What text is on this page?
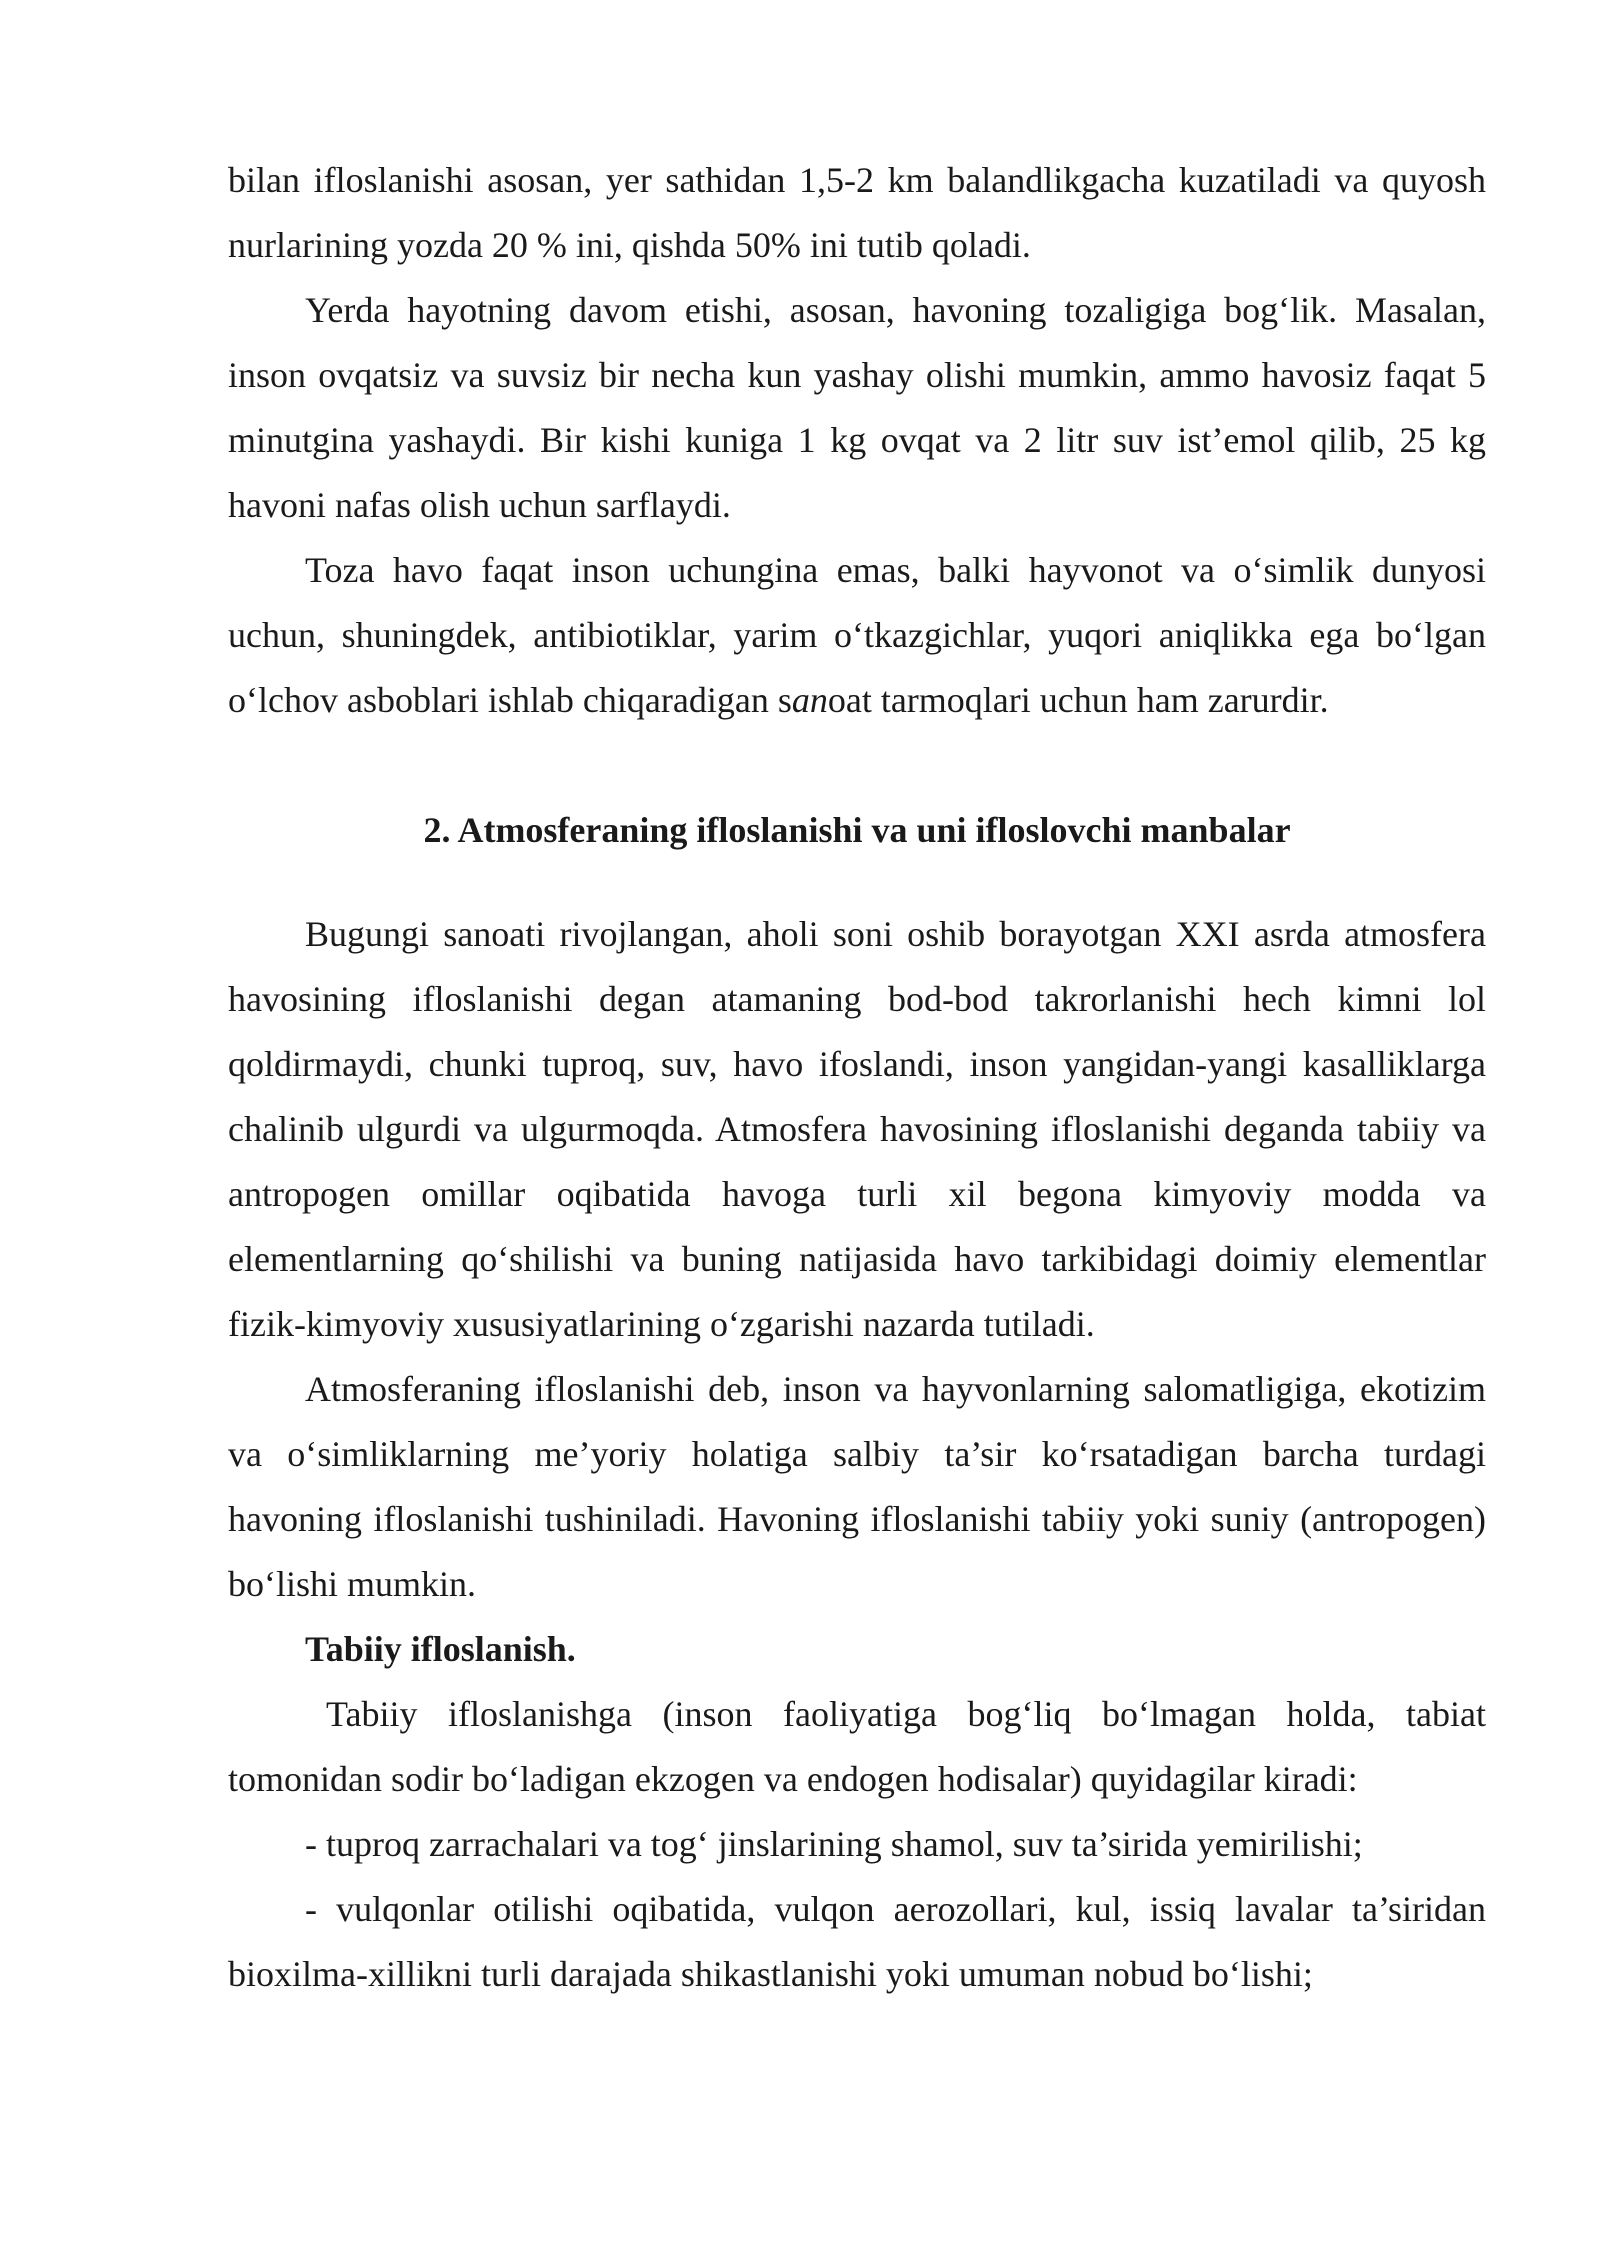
bilan ifloslanishi asosan, yer sathidan 1,5-2 km balandlikgacha kuzatiladi va quyosh nurlarining yozda 20 % ini, qishda 50% ini tutib qoladi.

Yerda hayotning davom etishi, asosan, havoning tozaligiga bog‘lik. Masalan, inson ovqatsiz va suvsiz bir necha kun yashay olishi mumkin, ammo havosiz faqat 5 minutgina yashaydi. Bir kishi kuniga 1 kg ovqat va 2 litr suv ist’emol qilib, 25 kg havoni nafas olish uchun sarflaydi.

Toza havo faqat inson uchungina emas, balki hayvonot va o‘simlik dunyosi uchun, shuningdek, antibiotiklar, yarim o‘tkazgichlar, yuqori aniqlikka ega bo‘lgan o‘lchov asboblari ishlab chiqaradigan sanoat tarmoqlari uchun ham zarurdir.

2. Atmosferaning ifloslanishi va uni ifloslovchi manbalar

Bugungi sanoati rivojlangan, aholi soni oshib borayotgan XXI asrda atmosfera havosining ifloslanishi degan atamaning bod-bod takrorlanishi hech kimni lol qoldirmaydi, chunki tuproq, suv, havo ifoslandi, inson yangidan-yangi kasalliklarga chalinib ulgurdi va ulgurmoqda. Atmosfera havosining ifloslanishi deganda tabiiy va antropogen omillar oqibatida havoga turli xil begona kimyoviy modda va elementlarning qo‘shilishi va buning natijasida havo tarkibidagi doimiy elementlar fizik-kimyoviy xususiyatlarining o‘zgarishi nazarda tutiladi.

Atmosferaning ifloslanishi deb, inson va hayvonlarning salomatligiga, ekotizim va o‘simliklarning me’yoriy holatiga salbiy ta’sir ko‘rsatadigan barcha turdagi havoning ifloslanishi tushiniladi. Havoning ifloslanishi tabiiy yoki suniy (antropogen) bo‘lishi mumkin.

Tabiiy ifloslanish.

Tabiiy ifloslanishga (inson faoliyatiga bog‘liq bo‘lmagan holda, tabiat tomonidan sodir bo‘ladigan ekzogen va endogen hodisalar) quyidagilar kiradi:

- tuproq zarrachalari va tog‘ jinslarining shamol, suv ta’sirida yemirilishi;

- vulqonlar otilishi oqibatida, vulqon aerozollari, kul, issiq lavalar ta’siridan bioxilma-xillikni turli darajada shikastlanishi yoki umuman nobud bo‘lishi;
